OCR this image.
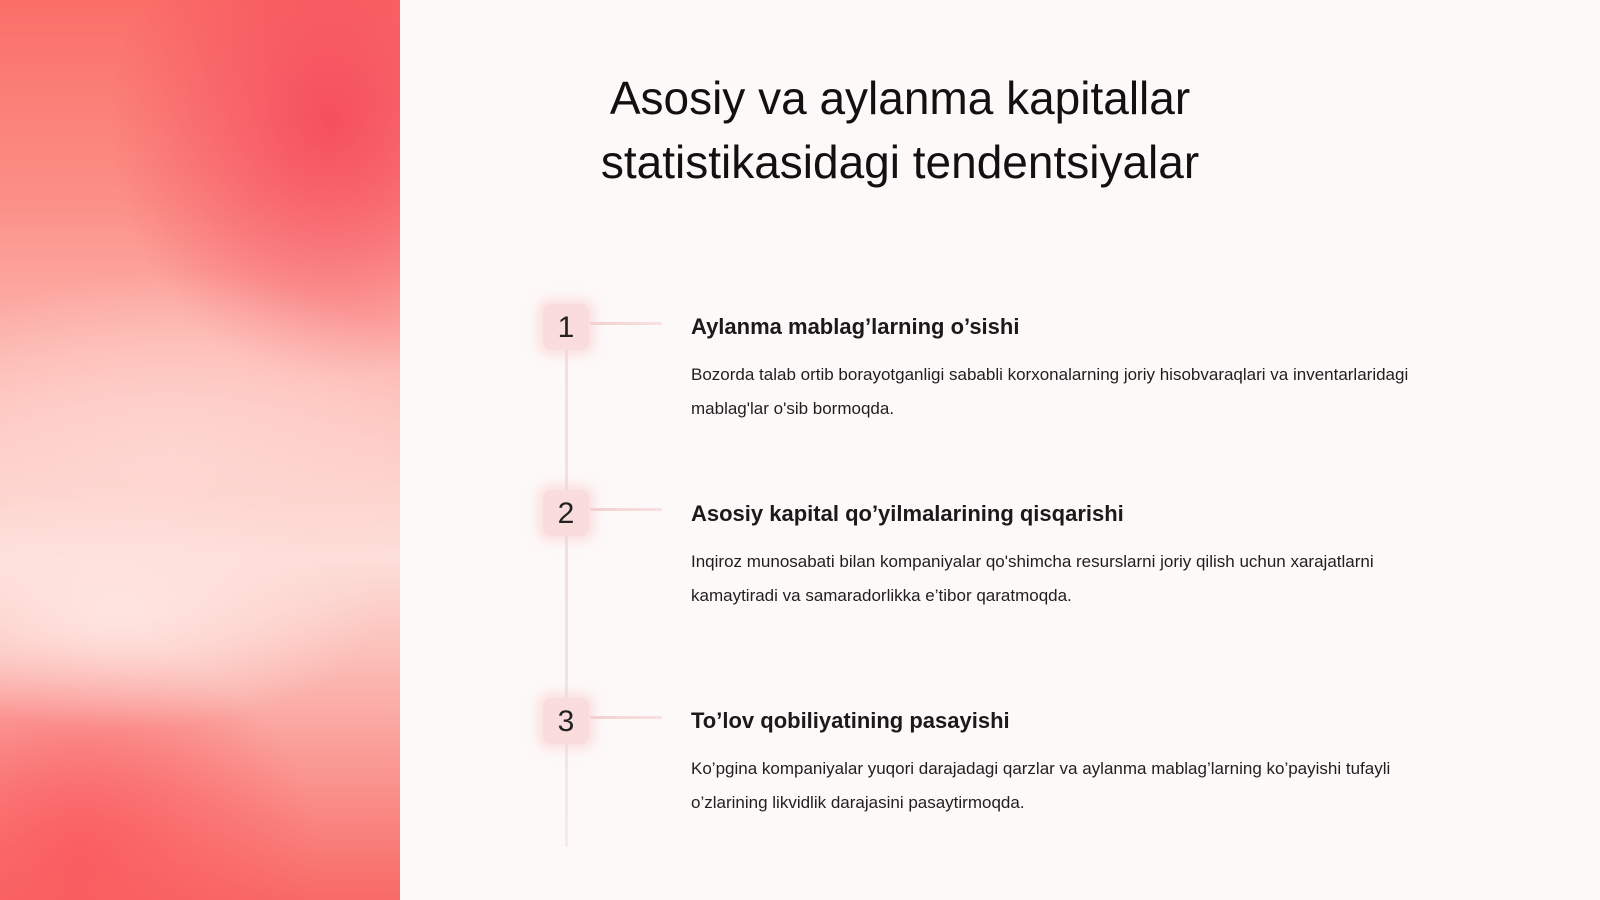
Asosiy va aylanma kapitallar statistikasidagi tendentsiyalar
1	Aylanma mablag’larning o’sishi

Bozorda talab ortib borayotganligi sababli korxonalarning joriy hisobvaraqlari va inventarlaridagi mablag'lar o'sib bormoqda.

2	Asosiy kapital qo’yilmalarining qisqarishi

Inqiroz munosabati bilan kompaniyalar qo'shimcha resurslarni joriy qilish uchun xarajatlarni kamaytiradi va samaradorlikka e’tibor qaratmoqda.

3	To’lov qobiliyatining pasayishi

Ko’pgina kompaniyalar yuqori darajadagi qarzlar va aylanma mablag’larning ko’payishi tufayli o’zlarining likvidlik darajasini pasaytirmoqda.
